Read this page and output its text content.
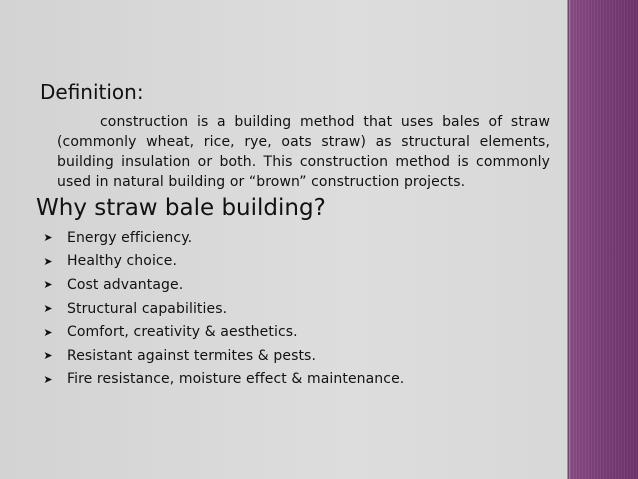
Definition:
construction is a building method that uses bales of straw (commonly wheat, rice, rye, oats straw) as structural elements, building insulation or both. This construction method is commonly used in natural building or “brown” construction projects.
Why straw bale building?
➤	Energy efficiency.
➤	Healthy choice.
➤	Cost advantage.
➤	Structural capabilities.
➤	Comfort, creativity & aesthetics.
➤	Resistant against termites & pests.
➤	Fire resistance, moisture effect & maintenance.
